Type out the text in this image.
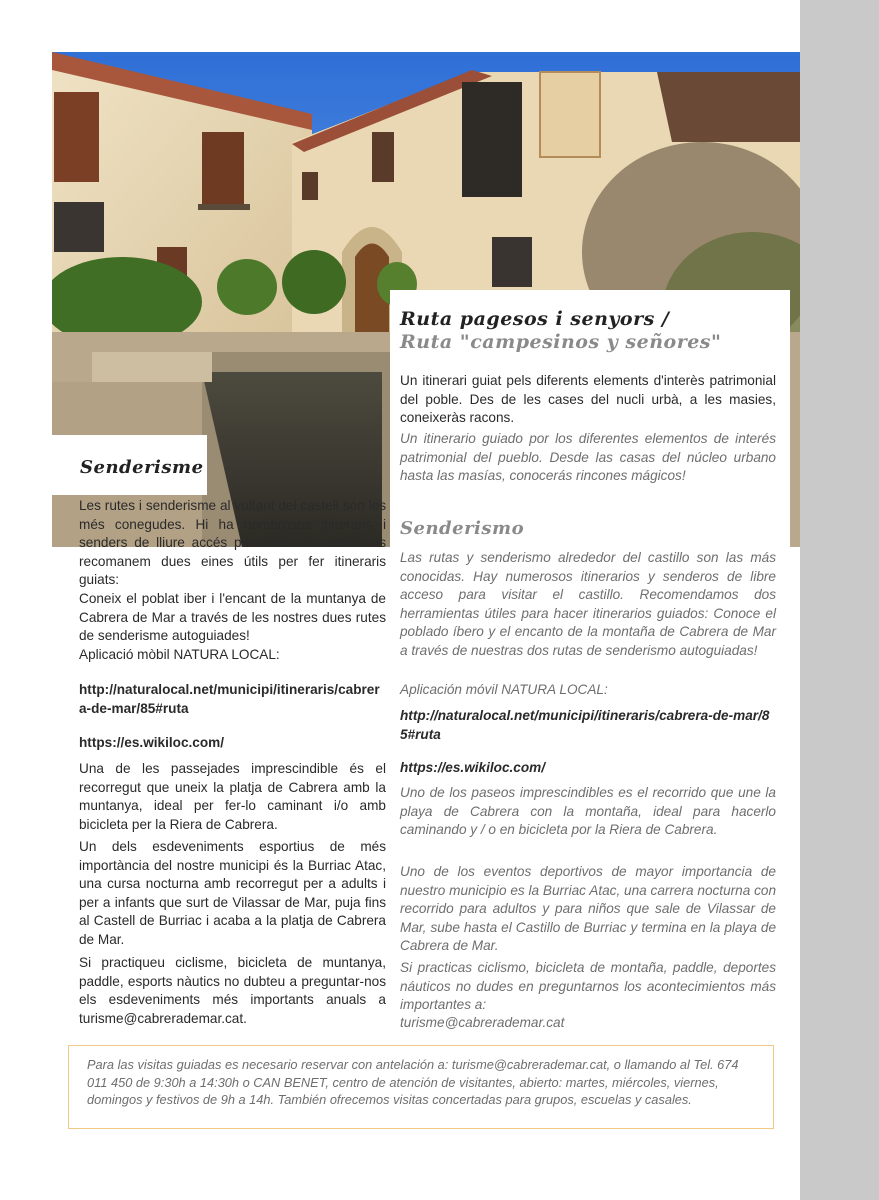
Ruta pagesos i senyors /
Ruta "campesinos y señores"

Un itinerari guiat pels diferents elements d'interès patrimonial del poble. Des de les cases del nucli urbà, a les masies, coneixeràs racons.

Un itinerario guiado por los diferentes elementos de interés patrimonial del pueblo. Desde las casas del núcleo urbano hasta las masías, conocerás rincones mágicos!

Senderisme

Les rutes i senderisme al voltant del castell són les més conegudes. Hi ha nombrosos itineraris i senders de lliure accés per visitar el castell. Us recomanem dues eines útils per fer itineraris guiats:

Coneix el poblat iber i l'encant de la muntanya de Cabrera de Mar a través de les nostres dues rutes de senderisme autoguiades!

Aplicació mòbil NATURA LOCAL:

http://naturalocal.net/municipi/itineraris/cabrera-de-mar/85#ruta

https://es.wikiloc.com/

Una de les passejades imprescindible és el recorregut que uneix la platja de Cabrera amb la muntanya, ideal per fer-lo caminant i/o amb bicicleta per la Riera de Cabrera.

Un dels esdeveniments esportius de més importància del nostre municipi és la Burriac Atac, una cursa nocturna amb recorregut per a adults i per a infants que surt de Vilassar de Mar, puja fins al Castell de Burriac i acaba a la platja de Cabrera de Mar.

Si practiqueu ciclisme, bicicleta de muntanya, paddle, esports nàutics no dubteu a preguntar-nos els esdeveniments més importants anuals a turisme@cabrerademar.cat.

Senderismo

Las rutas y senderismo alrededor del castillo son las más conocidas. Hay numerosos itinerarios y senderos de libre acceso para visitar el castillo. Recomendamos dos herramientas útiles para hacer itinerarios guiados: Conoce el poblado íbero y el encanto de la montaña de Cabrera de Mar a través de nuestras dos rutas de senderismo autoguiadas!

Aplicación móvil NATURA LOCAL:

http://naturalocal.net/municipi/itineraris/cabrera-de-mar/85#ruta

https://es.wikiloc.com/

Uno de los paseos imprescindibles es el recorrido que une la playa de Cabrera con la montaña, ideal para hacerlo caminando y / o en bicicleta por la Riera de Cabrera.

Uno de los eventos deportivos de mayor importancia de nuestro municipio es la Burriac Atac, una carrera nocturna con recorrido para adultos y para niños que sale de Vilassar de Mar, sube hasta el Castillo de Burriac y termina en la playa de Cabrera de Mar.

Si practicas ciclismo, bicicleta de montaña, paddle, deportes náuticos no dudes en preguntarnos los acontecimientos más importantes a:

turisme@cabrerademar.cat

Para las visitas guiadas es necesario reservar con antelación a: turisme@cabrerademar.cat, o llamando al Tel. 674 011 450 de 9:30h a 14:30h o CAN BENET, centro de atención de visitantes, abierto: martes, miércoles, viernes, domingos y festivos de 9h a 14h. También ofrecemos visitas concertadas para grupos, escuelas y casales.
